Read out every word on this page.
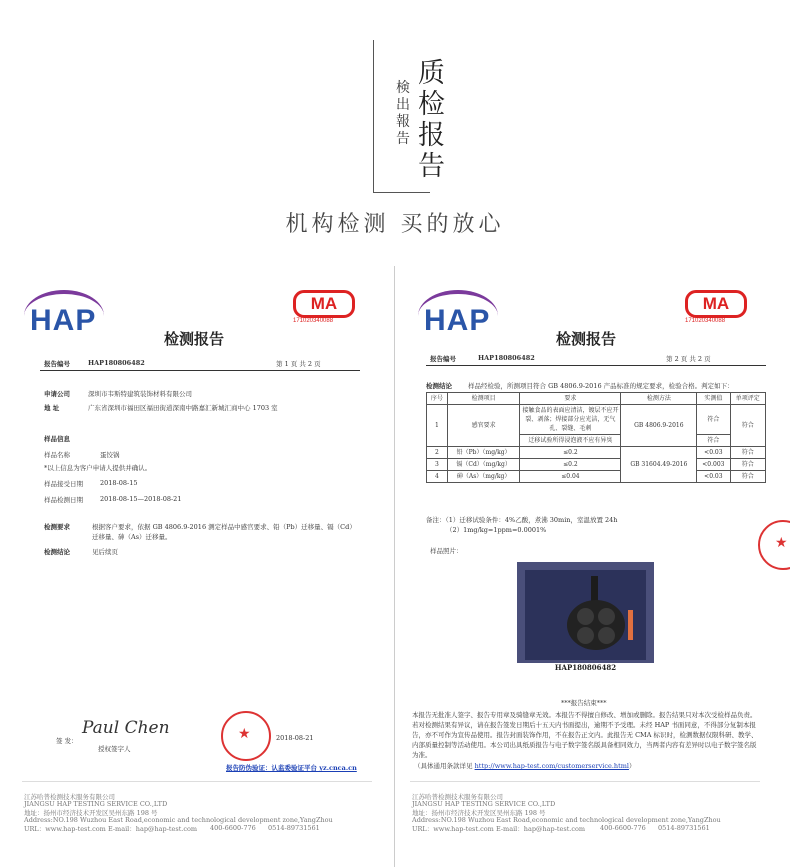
质检报告
検出報告
机构检测 买的放心
HAP
MA
171020340088
检测报告
报告编号	HAP180806482	第 1 页 共 2 页
申请公司	深圳市韦斯特建筑装饰材料有限公司
地 址	广东省深圳市福田区福田街道深南中路嘉汇新城汇商中心 1703 室
样品信息
样品名称	蛋饺锅
*以上信息为客户申请人提供并确认。
样品接受日期	2018-08-15
样品检测日期	2018-08-15—2018-08-21
检测要求	根据客户要求，依据 GB 4806.9-2016 测定样品中感官要求、铅（Pb）迁移量、镉（Cd）迁移量、砷（As）迁移量。
检测结论	见后续页
签 发：
Paul Chen
授权签字人
★	2018-08-21
报告防伪验证：认监委验证平台 yz.cnca.cn
江苏哈普检测技术服务有限公司
JIANGSU HAP TESTING SERVICE CO.,LTD
地址：扬州市经济技术开发区吴州东路 198 号
Address:NO.198 Wuzhou East Road,economic and technological development zone,YangZhou
URL：www.hap-test.com E-mail：hap@hap-test.com 400-6600-776 0514-89731561
HAP
MA
171020340088
检测报告
报告编号	HAP180806482	第 2 页 共 2 页
检测结论 样品经检验，所测项目符合 GB 4806.9-2016 产品标准的规定要求，检验合格。判定如下：
序号	检测项目	要求	检测方法	实测值	单项评定
1	感官要求	接触食品的表面应清洁，镀层不应开裂、剥落；焊接部分应光洁，无气孔、裂缝、毛刺	GB 4806.9-2016	符合	符合
		迁移试验所得浸泡液不应有异臭		符合	
2	铅（Pb）（mg/kg）	≤0.2	GB 31604.49-2016	<0.03	符合
3	镉（Cd）（mg/kg）	≤0.2		<0.003	符合
4	砷（As）（mg/kg）	≤0.04		<0.03	符合
备注：（1）迁移试验条件：4%乙酸，煮沸 30min，室温放置 24h
（2）1mg/kg=1ppm=0.0001%
样品照片：
HAP180806482
***报告结束***
本报告无批准人签字、报告专用章及骑缝章无效。本报告不得擅自修改、增加或删除。报告结果只对本次受检样品负责。若对检测结果有异议，请在报告签发日期后十五天内书面提出，逾期不予受理。未经 HAP 书面同意，不得部分复制本报告，亦不可作为宣传品使用。报告封面装饰作用，不在报告正文内。此报告无 CMA 标识时，检测数据仅限科研、教学、内部质量控制等活动使用。本公司出具纸质报告与电子数字签名版具备相同效力，当两者内容有差异时以电子数字签名版为准。
（具体通用条款详见 http://www.hap-test.com/customerservice.html）
江苏哈普检测技术服务有限公司
JIANGSU HAP TESTING SERVICE CO.,LTD
地址：扬州市经济技术开发区吴州东路 198 号
Address:NO.198 Wuzhou East Road,economic and technological development zone,YangZhou
URL：www.hap-test.com E-mail：hap@hap-test.com 400-6600-776 0514-89731561
★
